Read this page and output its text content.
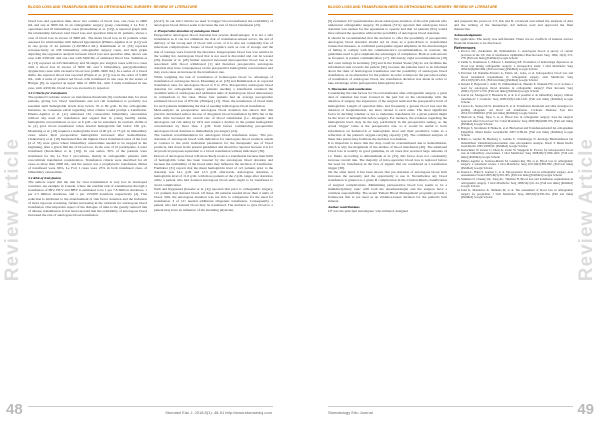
BLOOD LOSS AND TRANSFUSION NEED IN ORTHOGNATHIC SURGERY: REVIEW OF LITERATURE
Review Article

blood loss and operation time, show two outliers of blood loss, one close to 2600 mL and one at 3000 mL in an orthognathic surgery group containing 2 Le Fort I operations and 10 bimaxillary cases (Kretschmer et al. [10]). A reported graph with the relationship between total blood loss and operation time in 91 patients, shows a case of blood loss in excess of 3000 mL. The mean blood loss in 91 patients when assessed for relationships with induced hypotension (Piñeiro-Aguilar et al. [11]) was in one group of 44 patients (1,20±684.4 mL). Rummasak et al. [16] reported retrospectively on 238 bimaxillary orthognathic surgery cases, and their graph depicting the regression analysis between blood loss and operative time, shows one case with 2350 mL and one case with 3400 mL of estimated blood loss. Samman et al. [13] reported on 245 bimaxillary and 56 single jaw surgical cases with two cases with a blood loss in excess of 3000 mL and 5 bimaxillary, pterygomaxillary dysjunction cases with excessive blood loss (2400–3400 mL). In a series of 2 blood shifts, the reported blood loss reported (Fujita et al. [17]) was in the order of 5,000 mL, with 4 units of packed red blood cells transfused in one case. In the series of Böttger [8], as reported an upper limit of 2800 mL, with 3 units transfused in one case, with 4,950 mL blood loss was excessive-ly reported.

3.3 Criteria for transfusion

The updated Cochrane review on transfusion thresholds [6] concluded that, for most patients, giving low blood transfusions and red cell transfusion is probably not essential until hemoglobin levels drop below 70 to 80 g/dL. In the orthognathic literature, no consensus exists regarding what criteria would prompt a transfusion. Pineiro-Aguilar et al. [11] addressed 161 consecutive bimaxillary osteotomies without any need for transfusion and argued that in young healthy adults, hemoglobin concentrations as low as 6 g/dL can be sustained. In contrast, Zellin et al. [4] gave blood transfusion when arterial hemoglobin fell below 100 g/L. Moenning et al. [18] required a hemoglobin level of 90 g/L or 75 g/L in bimaxillary cases where their preoperative hemoglobin increased after hemodilution. Chakrabarty et al. [19] mentioned that the highest blood transfusion rates of the four (4 of 33) were given where bimaxillary osteotomies needed to be stopped in the beginning, after a given 500 mL of blood loss. In the case of 10 participants, 4 were transfused (Kretschmer et al. [10]). In one series, 30% of the patients were transfused for the Le Fort I procedures, mainly in orthognathic patients with concomitant transfusion consideration. Transfusion criteria were described for all cases as more than 2000 mL, and the reason was a prophylactic transfusion. Males of transfused were 66%, Le Fort I cases were 25% in both transfused cases of bimaxillary osteotomies.

3.4 Risk of transfusion

The authors report that the risk for viral transmission is very low in developed countries. An example in Canada, where the residual risk of transmission through a transfusion of HIV, HCV and HBV is estimated to be 1 per 7.8 million donations, 1 per 2.3 million donations, and 1 per 153,000 donations respectively [4]. This reduction is attributed to the abandonment of risk factor donation and the inclusion of more rigorous screening, further increasing in the rationale for autologous blood transfusion. One important aspect of the dialogue of risks is the greatly reduced risk of disease transmission. It has been reported that the availability of autologous blood increased the rate of autologous blood transfusion.

[22,27]. In our strict criteria we used 'to trigger' blood transfusion the availability of autologous blood did not seem to increase the rate of blood transfusion [23].

4. Preoperative donation of autologous blood

Preoperative autologous blood donation has several disadvantages. It is not a safe transfusion as it can not eliminate the risk of transfusion-related errors, the aid of delivery of the wrong unit of blood will occur, or it is also not completely free of infectious complications. Issues of blood logistics such as cost of storage and the risk of wastage were found in the literature. Inappropriate blood loss was relative in the waiting list. Autologous blood that is not used is discarded and can be wasted [28]. Kessler et al. [28] further reported increased intraoperative blood loss to be associated with blood withdrawal [1] and therefore preoperative autologous donation may have consequences on the preoperative hemoglobin concentration and may even cause an increase in the transfusion rate.

While weighing the risk of transfusion of homologous blood vs. advantage of transfusion of autologous blood, Moenning et al. [18] and Rummasak et al. reported transfusion rates for autologous blood of 0 to 45%. Preoperative autologous blood donation for orthognathic surgery patients needing a transfusion rendered the available units of autologous and additional units of homologous blood unnecessary in comparison to the rates. These four patients had an average preoperative estimated blood loss of 870 mL [Böttger] [13]. Thus, the transfusion of blood units for such patients minimizing the risk of needing homologous blood transfusion.

Meta-analysis on preoperative autologous blood donation has shown that this practice did indeed reduce the use of allogeneic blood transfusion by 68% but at the same time increased the overall rate of blood transfusion (i.e. allogeneic and autologous red cell units) by 24% and caused a decline in the patient hemoglobin concentration by more than 1 g/dL from before commencing preoperative autologous blood donation to immediately pre-surgery [24].

The German recommendation for autologous blood transfusion states: 'The pre-donation of autologous blood with indication for autologous blood products stands in contrast to the strict indication parameters for the therapeutic use of blood products, laid down in the present guidelines and should be rejected because it is for all practical purposes equivalent to a blood transfusion without indication' [30].

Donors of autologous blood will more likely receive a transfusion because their limit of hemoglobin value has been lowered by the autologous blood donation and because the availability of the blood units may influence the decision of transfusion. Faulhaber [31] reports that the mean hemoglobin level of 121 patients prior to the donation was 14.1 g/dL and 12.5 g/dL afterwards. Autologous donation, a hemoglobin level of 11.0 g/dL, with more patients at the 2 g/dL range after donation, while a patient who had donated autologous blood units ought to be transfused to avoid complication.

Nath and Rygnestad (Kessler et al. [4]) reported that prior to orthognathic surgery, 121 patients had donated blood. Of these, 60 patients needed more than 2 units of blood. Still, the autologous donation was not able to compensate for the need for transfusion: 3 of 121 needed additional allogeneic transfusion. Consequently, a patient who had donated blood may be transfused. The decision to give blood to a patient may have an influence of the attending physician.

48	Stomatol Edu J. 2018;5(1): 48-51 http://www.stomaeduj.com
BLOOD LOSS AND TRANSFUSION NEED IN ORTHOGNATHIC SURGERY: REVIEW OF LITERATURE
Review Article

[9] evaluated 127 questionnaires about autologous donation of blood in patients who underwent orthognathic surgery, 65 patients (51%) reported that autologous blood donation was useless for the agreement to operate and that 12 patients (9%) would have refused the operation without the possibility of autologous blood donation.

It should be recommended that the decision to offer the possibility of preoperative autologous blood donation should not be done as a gain-driven or transformed transaction measure. A confirmed prerequisite argued emphasis on the disadvantages of failing to comply with the communicator's recommendation, in contrast, the guidelines need to give emphasis the advantages of compliance. Both as well-known as frequent, is patient communication [17]. Obviously, rigid recommendations [18] and court rulings in Germany [32] and in the United States [34] do not facilitate the information task towards the patient [30], because the patients need to be informed about the risks of homologous transfusion and the possibility of autologous blood transfusion, as an alternative for the patient. In order to improve the perceived safety of transfusion of autologous blood, the transfusion decision was made in order to take advantage of the perioperative hemoglobin level.

5. Discussion and conclusions

Considering the risk factors for blood transfusion after orthognathic surgery, a great deal of attention has been focused in the past but on the relationship with the duration of surgery, the experience of the surgical team and the preoperative level of hemoglobin. Length of operation time, and frequently a greater blood loss and the duration of hospitalisation, are more related to each other. The most significant factor in deciding whether or not to undertake transfusion for a given patient might be the level of hemoglobin before surgery. For instance, the evidence regarding the hemoglobin level, may be the key, particularly in the preoperative setting, so the actual 'trigger' value is the preoperative one, so it would be useful to have information on hematocrit or hemoglobin level and their predictive value as a reflection of the patient's oxygen-carrying capacity [10]. The combined analysis of these data points may facilitate the decision to transfuse.

It is important to know that the drop could be overestimated due to hemodilution, which is why the magnitude of the decline of blood transfusion [40]. The estimated blood loss is notably in good guideline, in all cases that received large amounts of i.v. fluids. According to Alhabashneh et al. [25], this factor does not consistently increase overall risk. The majority of intra-operative blood loss is replaced before the need for transfusion in the face of signals that are considered as a transfusion trigger [38].

On the other hand, it has been shown that pre-donation of autologous blood both increases the necessity and the opportunity to use it. Nevertheless any blood transfusion is granted as a grade B complication in the Clavien-Dindo classification of surgical complications. Minimizing perioperative blood loss seems to be a multidisciplinary topic with both the anesthesiologist and the surgeon have a common responsibility. The recent 'Patient Blood Management' programs provide a framework that is not used as an evidence-based decision for the patient's best interest.

Author contributions

CF was the principal investigator who initiated, designed

and prepared the protocol. CT, DA and IL reviewed and edited the analysis of data and the writing of the manuscript. All authors read and approved the final manuscript.

Acknowledgement

Not applicable. The study was self-funded. There are no conflicts of interest and no financial interests to be disclosed.

References
1. Proctor DC, Zuckerman JD, Nathrudelidor C. Autologous blood: A survey of current practices in the US: risk of transfusion. Ophthalmol Plast Reconstr Surg. 1994; 10(4): 272-278. [Full text links] [PubMed] Google Scholar
2. Zellin G, Rasmusson L, Pålsson J, Kahnberg KE. Evaluation of hemorrhage depressors on blood loss during orthognathic surgery: a retrospective study. J Oral Maxillofac Surg 2004;62(6):662-666. [Full text links] [PubMed] Google Scholar
3. Faverani LP, Ramalho-Ferreira G, Fabris AL, Gaba, et al. Intraoperative blood loss and blood transfusion requirements in orthognathic surgery. Oral Maxillofac Surg 2014;18(3):305-310. [Full text links] [PubMed] Google Scholar
4. Kessler P, Hegewald J, Adler W, Zimmermann R, Nkenke E, Neukam FW, et al. Is there a need for autologous blood donation in orthognathic surgery? Plast Reconstr Surg 2006;117(2):571-576. [Full text links] [PubMed] Google Scholar
5. Garcia JA, Mongeotti V, Beasteria D, et al. Is it possible to do bimaxillary surgery without transfusion? J Craniofac Surg 2008;19(5):1240-1245. [Full text links] [PubMed] Google Scholar
6. Carson JL, Stanworth SJ, Roubinian N, et al. Transfusion thresholds and other strategies for guiding allogeneic red blood cell transfusion. Cochrane Database Syst Rev 2016;10:CD002042. [Full text links] [PubMed] Google Scholar
7. Sherlock A, Fang, Tejas S, et al. Blood loss in orthognathic surgery: does the surgical approach affect blood loss? Int J Oral Maxillofac Surg 2009;38(6):698-703. [Full text links] [PubMed] Google Scholar
8. Böttger S, Streckbein P, Hanke K, et al. Blutverlust und Transfusionsbedarf bei orthognathen Eingriffen. Mund Kiefer Gesichtschir 2007;11:89-94. [Full text links] [PubMed] Google Scholar
9. Hahn G, Gayder H, Herzberg C, Gehrke U, Schönberger N. Autologe Bluttransfusion bei bimaxillären Umstellungsosteotomien: eine retrospektive Analyse. Dtsch Z Mund Kiefer Gesichtschir 1995;19:89-92. [PubMed] Google Scholar
10. Kretschmer W, Köster U, Dietz K, Zoder W, Wangerin K. Factors for intraoperative blood loss in bimaxillary osteotomies. J Oral Maxillofac Surg 2008;66(7):1399-1403. [Full text links] [PubMed] Google Scholar
11. Piñeiro-Aguilar A, Somoza-Martín M, Gandara-Rey JM, et al. Blood loss in orthognathic surgery: a systematic review. J Oral Maxillofac Surg 2011;69(3):885-892. [Full text links] [PubMed] Google Scholar
12. Kasten L, Hahn S, Gartner C, et al. Intraoperative blood loss in orthognathic surgery. Acta Anaesthesiol Scand 2005;49(3):301-305. [Full text links] [PubMed] Google Scholar
13. Samman N, Cheung LK, Tong AC, Tideman H. Blood loss and transfusion requirements in orthognathic surgery. J Oral Maxillofac Surg 1996;54(1):21-24. [Full text links] [PubMed] Google Scholar
14. Ueki K, Marukawa K, Shimada M, et al. The assessment of blood loss in orthognathic surgery for prognathia. J Oral Maxillofac Surg 2005;63(3):350-354. [Full text links] [PubMed] Google Scholar
49
Stomatology Edu Journal
